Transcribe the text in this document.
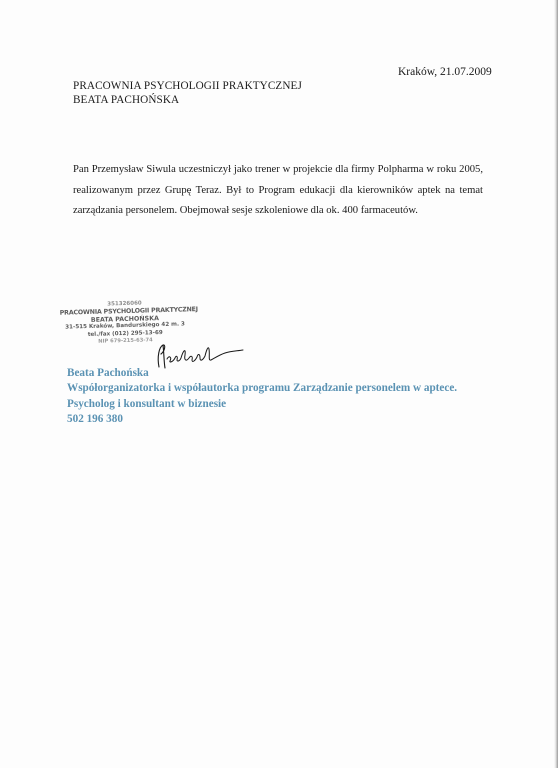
Kraków, 21.07.2009
PRACOWNIA PSYCHOLOGII PRAKTYCZNEJ
BEATA PACHOŃSKA
Pan Przemysław Siwula uczestniczył jako trener w projekcie dla firmy Polpharma w roku 2005, realizowanym przez Grupę Teraz. Był to Program edukacji dla kierowników aptek na temat zarządzania personelem. Obejmował sesje szkoleniowe dla ok. 400 farmaceutów.
351326060
PRACOWNIA PSYCHOLOGII PRAKTYCZNEJ
BEATA PACHOŃSKA
31-515 Kraków, Bandurskiego 42 m. 3
tel./fax (012) 295-13-69
NIP 679-215-63-74
Beata Pachońska
Współorganizatorka i współautorka programu Zarządzanie personelem w aptece.
Psycholog i konsultant w biznesie
502 196 380
